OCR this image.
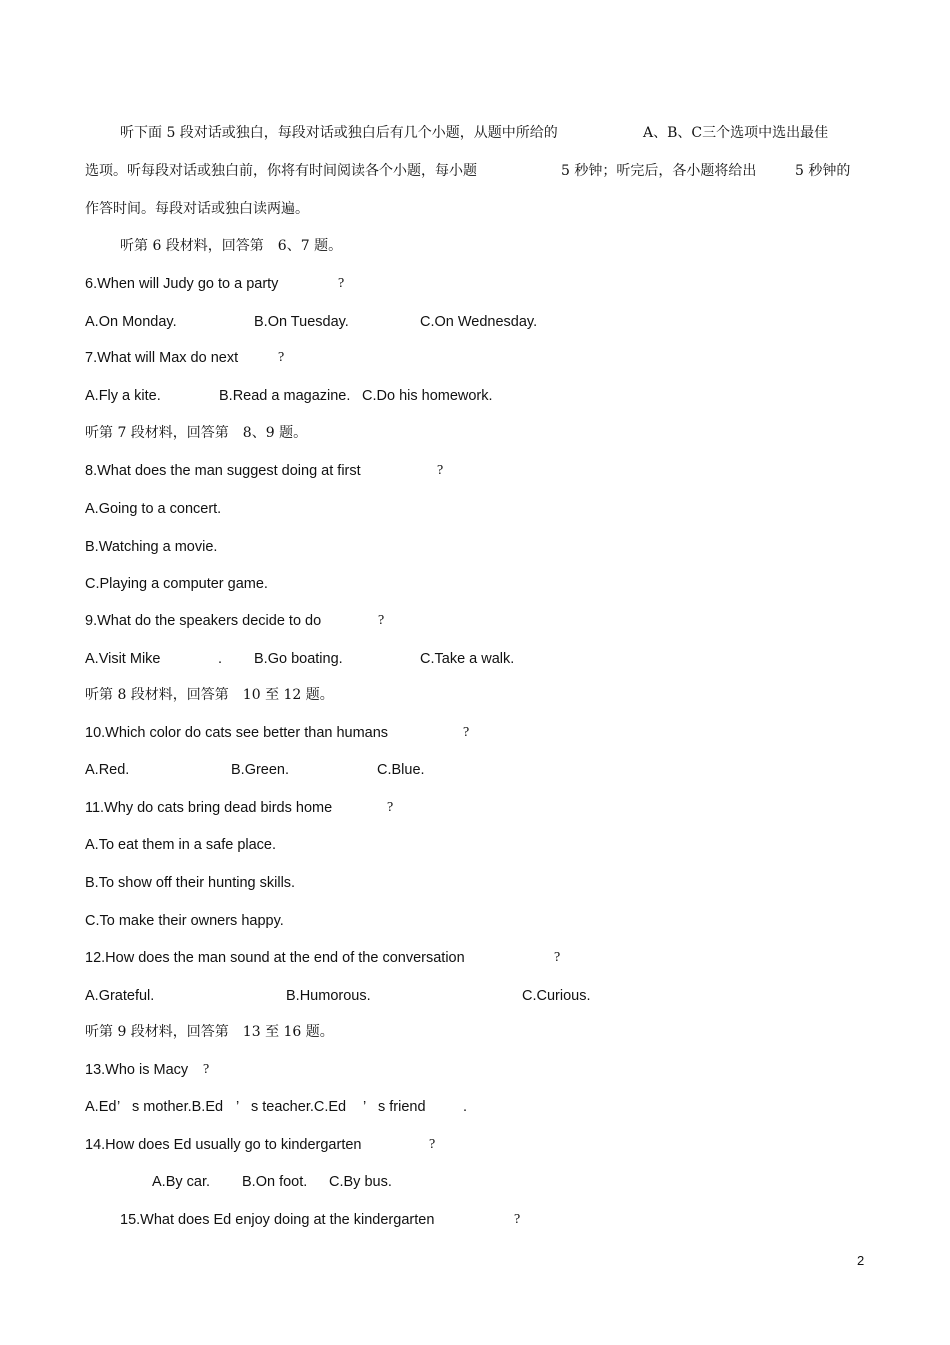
听下面 5 段对话或独白，每段对话或独白后有几个小题，从题中所给的	A、B、C三个选项中选出最佳
选项。听每段对话或独白前，你将有时间阅读各个小题，每小题	5 秒钟；听完后，各小题将给出	5 秒钟的
作答时间。每段对话或独白读两遍。
听第 6 段材料，回答第　6、7 题。
6.When will Judy go to a party	?
A.On Monday.	B.On Tuesday.	C.On Wednesday.
7.What will Max do next	?
A.Fly a kite.	B.Read a magazine. C.Do his homework.
听第 7 段材料，回答第　8、9 题。
8.What does the man suggest doing at first	?
A.Going to a concert.
B.Watching a movie.
C.Playing a computer game.
9.What do the speakers decide to do	?
A.Visit Mike	. B.Go boating.	C.Take a walk.
听第 8 段材料，回答第　10 至 12 题。
10.Which color do cats see better than humans	?
A.Red.	B.Green.	C.Blue.
11.Why do cats bring dead birds home	?
A.To eat them in a safe place.
B.To show off their hunting skills.
C.To make their owners happy.
12.How does the man sound at the end of the conversation	?
A.Grateful.	B.Humorous.	C.Curious.
听第 9 段材料，回答第　13 至 16 题。
13.Who is Macy ?
A.Ed ’ s mother.B.Ed ’ s teacher.C.Ed ’ s friend	.
14.How does Ed usually go to kindergarten	?
A.By car. B.On foot. C.By bus.
15.What does Ed enjoy doing at the kindergarten	?
2
